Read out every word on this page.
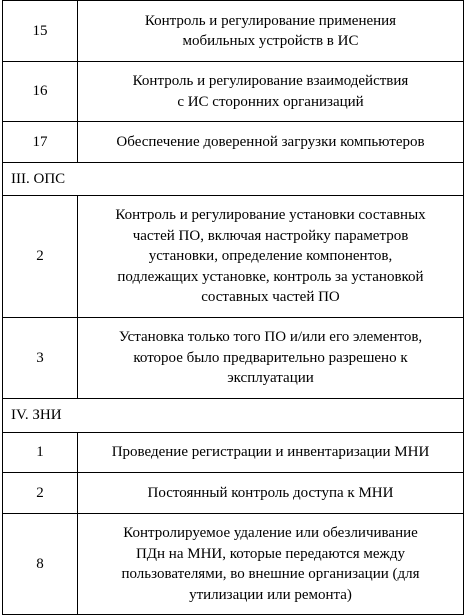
15	Контроль и регулирование применения
мобильных устройств в ИС
16	Контроль и регулирование взаимодействия
с ИС сторонних организаций
17	Обеспечение доверенной загрузки компьютеров
III. ОПС	
2	Контроль и регулирование установки составных
частей ПО, включая настройку параметров
установки, определение компонентов,
подлежащих установке, контроль за установкой
составных частей ПО
3	Установка только того ПО и/или его элементов,
которое было предварительно разрешено к
эксплуатации
IV. ЗНИ	
1	Проведение регистрации и инвентаризации МНИ
2	Постоянный контроль доступа к МНИ
8	Контролируемое удаление или обезличивание
ПДн на МНИ, которые передаются между
пользователями, во внешние организации (для
утилизации или ремонта)
